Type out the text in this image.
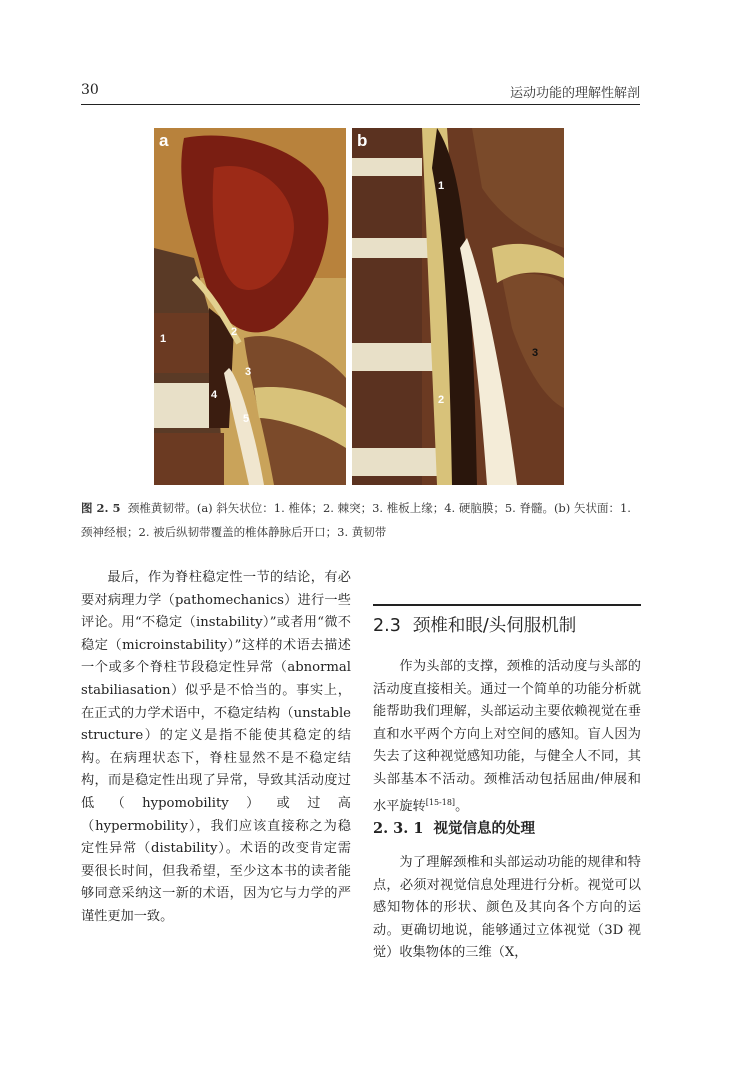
30	运动功能的理解性解剖
a
1
2
3
4
5
b
1
2
3
图 2. 5 颈椎黄韧带。(a) 斜矢状位：1. 椎体；2. 棘突；3. 椎板上缘；4. 硬脑膜；5. 脊髓。(b) 矢状面：1. 颈神经根；2. 被后纵韧带覆盖的椎体静脉后开口；3. 黄韧带

最后，作为脊柱稳定性一节的结论，有必要对病理力学（pathomechanics）进行一些评论。用“不稳定（instability）”或者用“微不稳定（microinstability）”这样的术语去描述一个或多个脊柱节段稳定性异常（abnormal stabiliasation）似乎是不恰当的。事实上，在正式的力学术语中，不稳定结构（unstable structure）的定义是指不能使其稳定的结构。在病理状态下，脊柱显然不是不稳定结构，而是稳定性出现了异常，导致其活动度过低（hypomobility）或过高（hypermobility），我们应该直接称之为稳定性异常（distability）。术语的改变肯定需要很长时间，但我希望，至少这本书的读者能够同意采纳这一新的术语，因为它与力学的严谨性更加一致。

2.3 颈椎和眼/头伺服机制

作为头部的支撑，颈椎的活动度与头部的活动度直接相关。通过一个简单的功能分析就能帮助我们理解，头部运动主要依赖视觉在垂直和水平两个方向上对空间的感知。盲人因为失去了这种视觉感知功能，与健全人不同，其头部基本不活动。颈椎活动包括屈曲/伸展和水平旋转[15-18]。

2. 3. 1 视觉信息的处理

为了理解颈椎和头部运动功能的规律和特点，必须对视觉信息处理进行分析。视觉可以感知物体的形状、颜色及其向各个方向的运动。更确切地说，能够通过立体视觉（3D 视觉）收集物体的三维（X，
